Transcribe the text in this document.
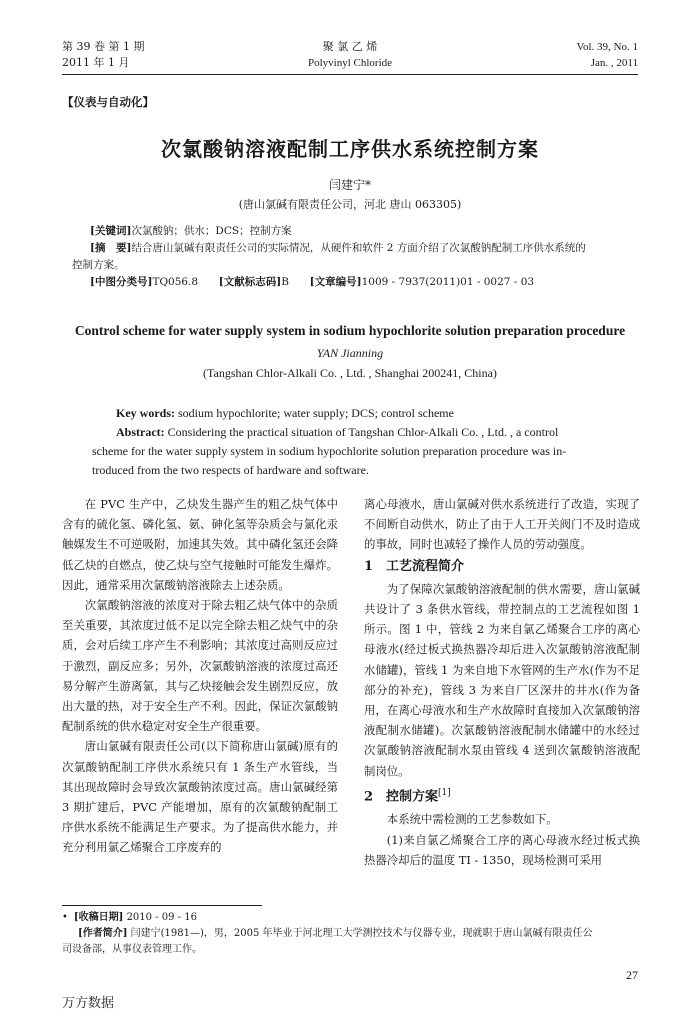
第 39 卷 第 1 期
2011 年 1 月
聚 氯 乙 烯
Polyvinyl Chloride
Vol. 39, No. 1
Jan. , 2011
【仪表与自动化】
次氯酸钠溶液配制工序供水系统控制方案
闫建宁*
(唐山氯碱有限责任公司，河北 唐山 063305)
[关键词]次氯酸钠；供水；DCS；控制方案
[摘　要]结合唐山氯碱有限责任公司的实际情况，从硬件和软件 2 方面介绍了次氯酸钠配制工序供水系统的
控制方案。
[中图分类号]TQ056.8 [文献标志码]B [文章编号]1009 - 7937(2011)01 - 0027 - 03
Control scheme for water supply system in sodium hypochlorite solution preparation procedure
YAN Jianning
(Tangshan Chlor-Alkali Co. , Ltd. , Shanghai 200241, China)
Key words: sodium hypochlorite; water supply; DCS; control scheme
Abstract: Considering the practical situation of Tangshan Chlor-Alkali Co. , Ltd. , a control
scheme for the water supply system in sodium hypochlorite solution preparation procedure was in-
troduced from the two respects of hardware and software.

在 PVC 生产中，乙炔发生器产生的粗乙炔气体中含有的硫化氢、磷化氢、氨、砷化氢等杂质会与氯化汞触媒发生不可逆吸附，加速其失效。其中磷化氢还会降低乙炔的自燃点，使乙炔与空气接触时可能发生爆炸。因此，通常采用次氯酸钠溶液除去上述杂质。

次氯酸钠溶液的浓度对于除去粗乙炔气体中的杂质至关重要，其浓度过低不足以完全除去粗乙炔气中的杂质，会对后续工序产生不利影响；其浓度过高则反应过于激烈，副反应多；另外，次氯酸钠溶液的浓度过高还易分解产生游离氯，其与乙炔接触会发生剧烈反应，放出大量的热，对于安全生产不利。因此，保证次氯酸钠配制系统的供水稳定对安全生产很重要。

唐山氯碱有限责任公司(以下简称唐山氯碱)原有的次氯酸钠配制工序供水系统只有 1 条生产水管线，当其出现故障时会导致次氯酸钠浓度过高。唐山氯碱经第 3 期扩建后，PVC 产能增加，原有的次氯酸钠配制工序供水系统不能满足生产要求。为了提高供水能力，并充分利用氯乙烯聚合工序废弃的

离心母液水，唐山氯碱对供水系统进行了改造，实现了不间断自动供水，防止了由于人工开关阀门不及时造成的事故，同时也减轻了操作人员的劳动强度。

1　工艺流程简介

为了保障次氯酸钠溶液配制的供水需要，唐山氯碱共设计了 3 条供水管线，带控制点的工艺流程如图 1 所示。图 1 中，管线 2 为来自氯乙烯聚合工序的离心母液水(经过板式换热器冷却后进入次氯酸钠溶液配制水储罐)，管线 1 为来自地下水管网的生产水(作为不足部分的补充)，管线 3 为来自厂区深井的井水(作为备用，在离心母液水和生产水故障时直接加入次氯酸钠溶液配制水储罐)。次氯酸钠溶液配制水储罐中的水经过次氯酸钠溶液配制水泵由管线 4 送到次氯酸钠溶液配制岗位。

2　控制方案[1]

本系统中需检测的工艺参数如下。

(1)来自氯乙烯聚合工序的离心母液水经过板式换热器冷却后的温度 TI - 1350，现场检测可采用

• [收稿日期] 2010 - 09 - 16
[作者简介] 闫建宁(1981—)，男，2005 年毕业于河北理工大学测控技术与仪器专业，现就职于唐山氯碱有限责任公
司设备部，从事仪表管理工作。
27
万方数据
